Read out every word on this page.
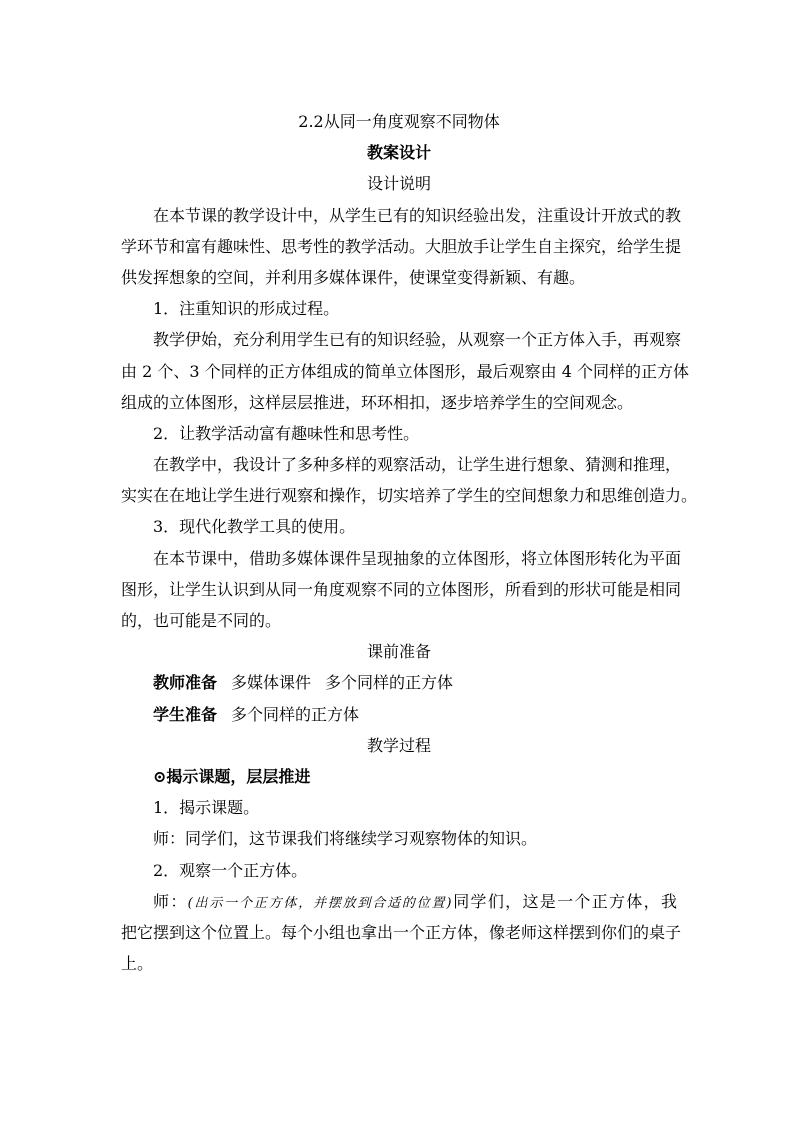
2.2从同一角度观察不同物体
教案设计
设计说明
在本节课的教学设计中，从学生已有的知识经验出发，注重设计开放式的教
学环节和富有趣味性、思考性的教学活动。大胆放手让学生自主探究，给学生提
供发挥想象的空间，并利用多媒体课件，使课堂变得新颖、有趣。
1．注重知识的形成过程。
教学伊始，充分利用学生已有的知识经验，从观察一个正方体入手，再观察
由 2 个、3 个同样的正方体组成的简单立体图形，最后观察由 4 个同样的正方体
组成的立体图形，这样层层推进，环环相扣，逐步培养学生的空间观念。
2．让教学活动富有趣味性和思考性。
在教学中，我设计了多种多样的观察活动，让学生进行想象、猜测和推理，
实实在在地让学生进行观察和操作，切实培养了学生的空间想象力和思维创造力。
3．现代化教学工具的使用。
在本节课中，借助多媒体课件呈现抽象的立体图形，将立体图形转化为平面
图形，让学生认识到从同一角度观察不同的立体图形，所看到的形状可能是相同
的，也可能是不同的。
课前准备
教师准备 多媒体课件 多个同样的正方体
学生准备 多个同样的正方体
教学过程
⊙揭示课题，层层推进
1．揭示课题。
师：同学们，这节课我们将继续学习观察物体的知识。
2．观察一个正方体。
师：(出示一个正方体，并摆放到合适的位置)同学们，这是一个正方体，我
把它摆到这个位置上。每个小组也拿出一个正方体，像老师这样摆到你们的桌子
上。
